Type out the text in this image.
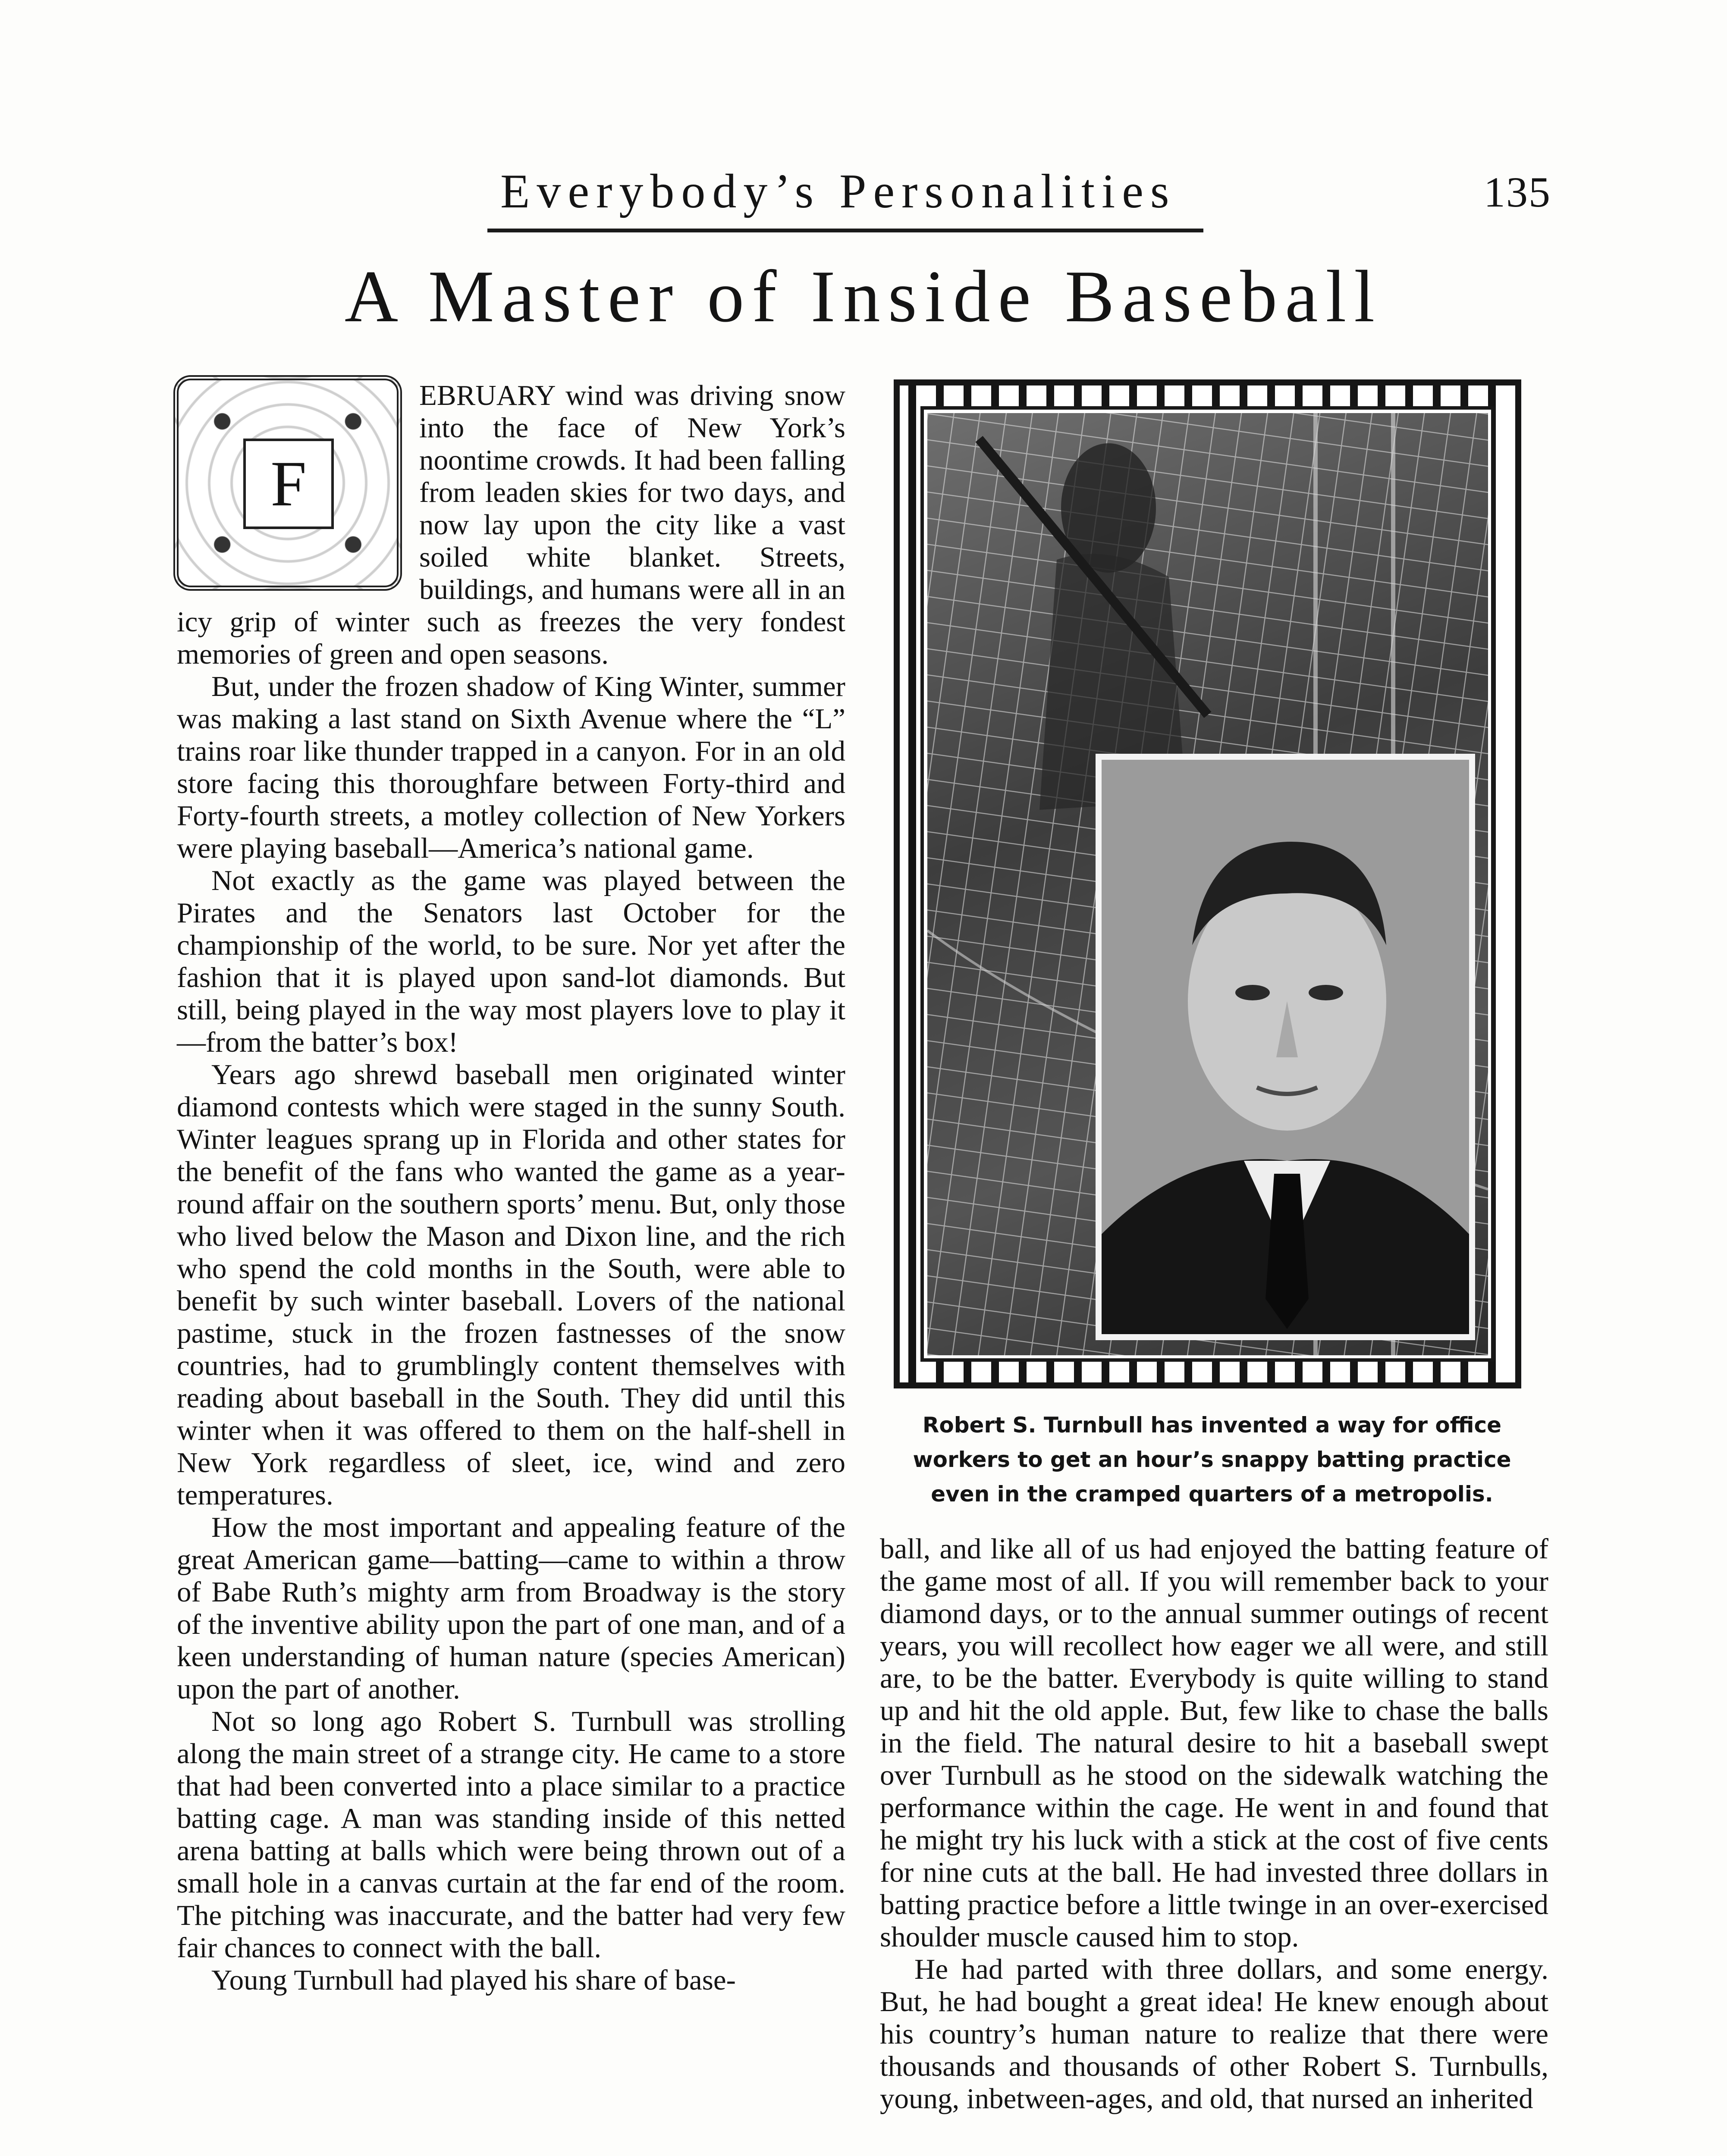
Everybody’s Personalities	135
A Master of Inside Baseball
F

EBRUARY wind was driving snow into the face of New York’s noontime crowds. It had been falling from leaden skies for two days, and now lay upon the city like a vast soiled white blanket. Streets, buildings, and humans were all in an icy grip of winter such as freezes the very fondest memories of green and open seasons.

But, under the frozen shadow of King Winter, summer was making a last stand on Sixth Avenue where the “L” trains roar like thunder trapped in a canyon. For in an old store facing this thoroughfare between Forty-third and Forty-fourth streets, a motley collection of New Yorkers were playing baseball—America’s national game.

Not exactly as the game was played between the Pirates and the Senators last October for the championship of the world, to be sure. Nor yet after the fashion that it is played upon sand-lot diamonds. But still, being played in the way most players love to play it—from the batter’s box!

Years ago shrewd baseball men originated winter diamond contests which were staged in the sunny South. Winter leagues sprang up in Florida and other states for the benefit of the fans who wanted the game as a year-round affair on the southern sports’ menu. But, only those who lived below the Mason and Dixon line, and the rich who spend the cold months in the South, were able to benefit by such winter baseball. Lovers of the national pastime, stuck in the frozen fastnesses of the snow countries, had to grumblingly content themselves with reading about baseball in the South. They did until this winter when it was offered to them on the half-shell in New York regardless of sleet, ice, wind and zero temperatures.

How the most important and appealing feature of the great American game—batting—came to within a throw of Babe Ruth’s mighty arm from Broadway is the story of the inventive ability upon the part of one man, and of a keen understanding of human nature (species American) upon the part of another.

Not so long ago Robert S. Turnbull was strolling along the main street of a strange city. He came to a store that had been converted into a place similar to a practice batting cage. A man was standing inside of this netted arena batting at balls which were being thrown out of a small hole in a canvas curtain at the far end of the room. The pitching was inaccurate, and the batter had very few fair chances to connect with the ball.

Young Turnbull had played his share of base-

Robert S. Turnbull has invented a way for office workers to get an hour’s snappy batting practice even in the cramped quarters of a metropolis.

ball, and like all of us had enjoyed the batting feature of the game most of all. If you will remember back to your diamond days, or to the annual summer outings of recent years, you will recollect how eager we all were, and still are, to be the batter. Everybody is quite willing to stand up and hit the old apple. But, few like to chase the balls in the field. The natural desire to hit a baseball swept over Turnbull as he stood on the sidewalk watching the performance within the cage. He went in and found that he might try his luck with a stick at the cost of five cents for nine cuts at the ball. He had invested three dollars in batting practice before a little twinge in an over-exercised shoulder muscle caused him to stop.

He had parted with three dollars, and some energy. But, he had bought a great idea! He knew enough about his country’s human nature to realize that there were thousands and thousands of other Robert S. Turnbulls, young, inbetween-ages, and old, that nursed an inherited
